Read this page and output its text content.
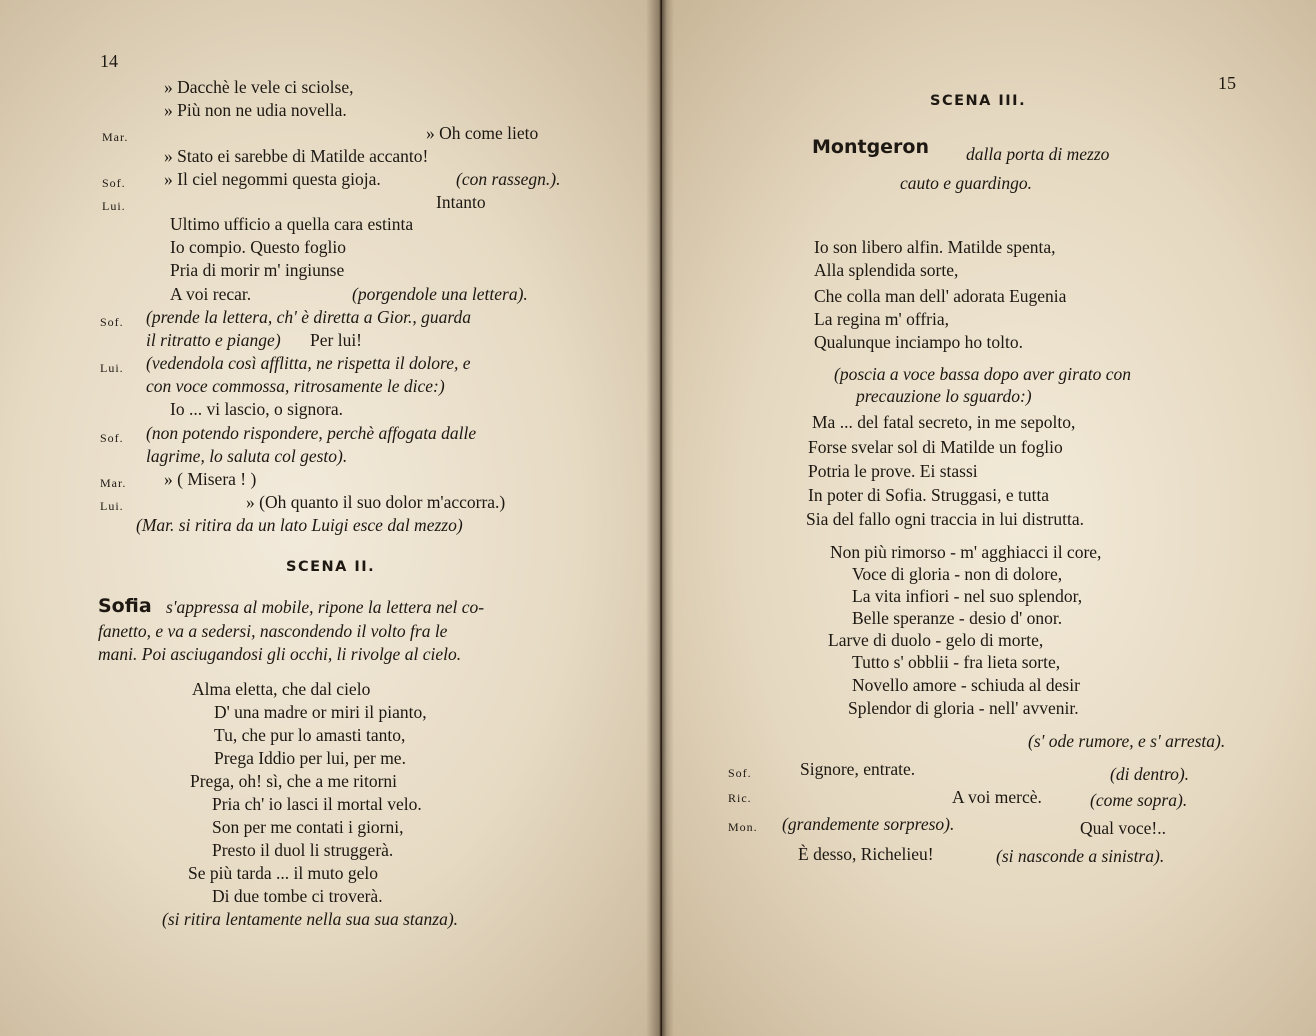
14
» Dacchè le vele ci sciolse,
» Più non ne udia novella.
Mar.	» Oh come lieto
» Stato ei sarebbe di Matilde accanto!
Sof. » Il ciel negommi questa gioja.	(con rassegn.).
Lui.	Intanto
Ultimo ufficio a quella cara estinta
Io compio. Questo foglio
Pria di morir m' ingiunse
A voi recar.	(porgendole una lettera).
Sof. (prende la lettera, ch' è diretta a Gior., guarda
il ritratto e piange) Per lui!
Lui. (vedendola così afflitta, ne rispetta il dolore, e
con voce commossa, ritrosamente le dice:)
Io ... vi lascio, o signora.
Sof. (non potendo rispondere, perchè affogata dalle
lagrime, lo saluta col gesto).
Mar. » ( Misera ! )
Lui.	» (Oh quanto il suo dolor m'accorra.)
(Mar. si ritira da un lato Luigi esce dal mezzo)
SCENA II.
Sofia s'appressa al mobile, ripone la lettera nel co-
fanetto, e va a sedersi, nascondendo il volto fra le
mani. Poi asciugandosi gli occhi, li rivolge al cielo.
Alma eletta, che dal cielo
D' una madre or miri il pianto,
Tu, che pur lo amasti tanto,
Prega Iddio per lui, per me.
Prega, oh! sì, che a me ritorni
Pria ch' io lasci il mortal velo.
Son per me contati i giorni,
Presto il duol li struggerà.
Se più tarda ... il muto gelo
Di due tombe ci troverà.
(si ritira lentamente nella sua sua stanza).
15
SCENA III.
Montgeron dalla porta di mezzo
cauto e guardingo.
Io son libero alfin. Matilde spenta,
Alla splendida sorte,
Che colla man dell' adorata Eugenia
La regina m' offria,
Qualunque inciampo ho tolto.
(poscia a voce bassa dopo aver girato con
precauzione lo sguardo:)
Ma ... del fatal secreto, in me sepolto,
Forse svelar sol di Matilde un foglio
Potria le prove. Ei stassi
In poter di Sofia. Struggasi, e tutta
Sia del fallo ogni traccia in lui distrutta.
Non più rimorso - m' agghiacci il core,
Voce di gloria - non di dolore,
La vita infiori - nel suo splendor,
Belle speranze - desio d' onor.
Larve di duolo - gelo di morte,
Tutto s' obblii - fra lieta sorte,
Novello amore - schiuda al desir
Splendor di gloria - nell' avvenir.
(s' ode rumore, e s' arresta).
Sof.	Signore, entrate.	(di dentro).
Ric.	A voi mercè.	(come sopra).
Mon. (grandemente sorpreso).	Qual voce!..
È desso, Richelieu!	(si nasconde a sinistra).
